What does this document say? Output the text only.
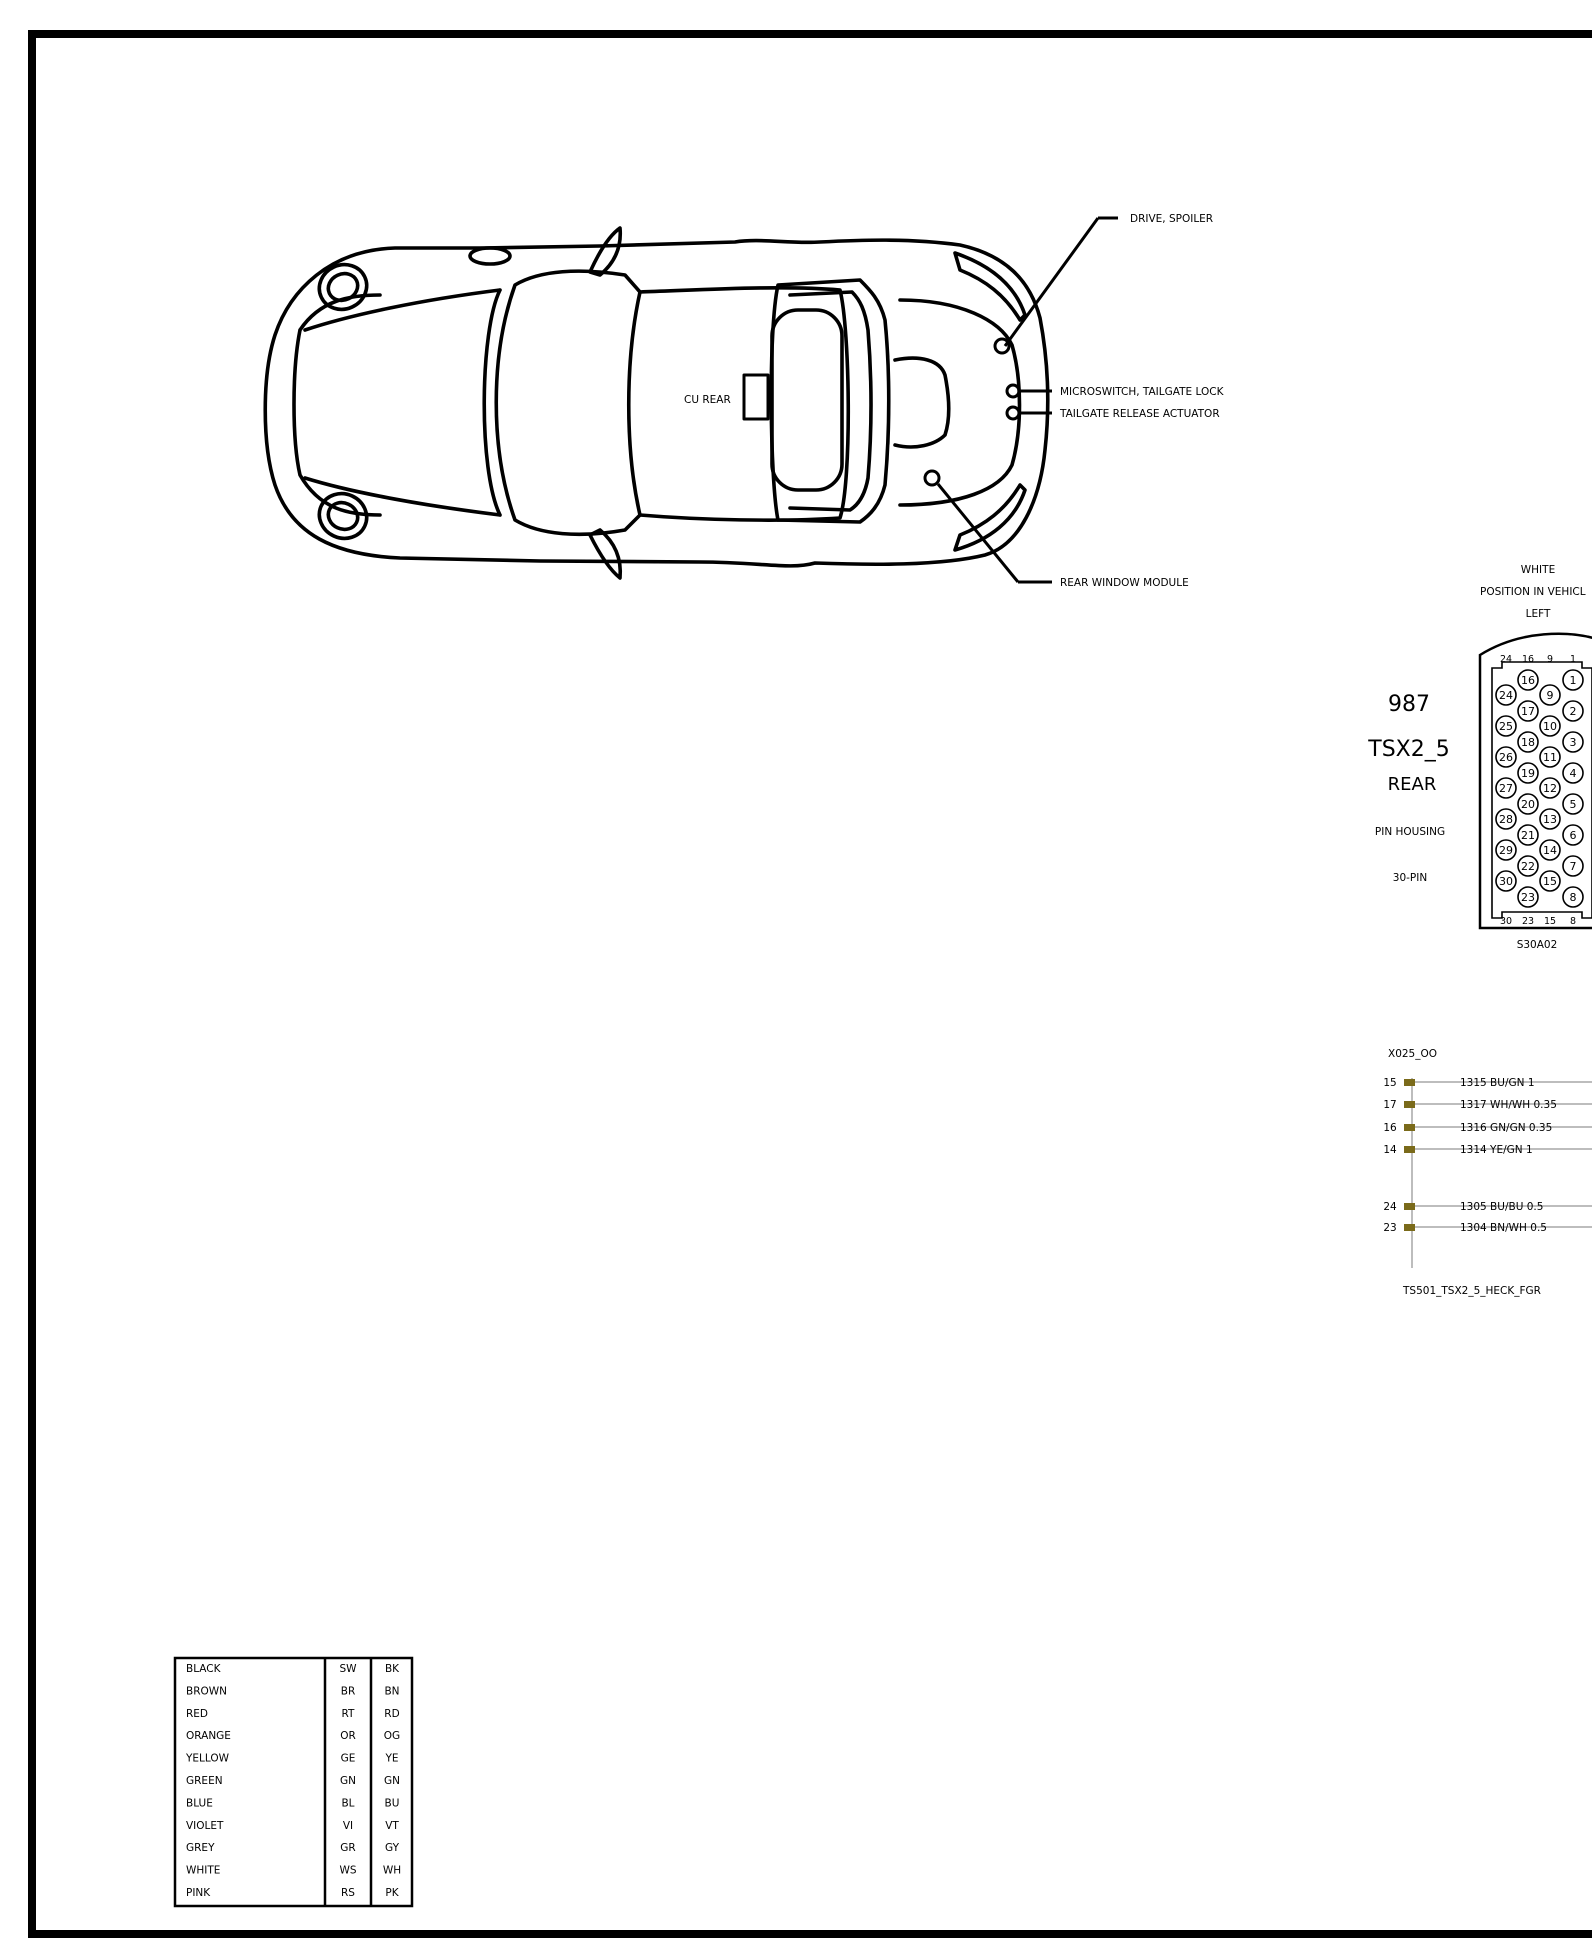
CU REAR
DRIVE, SPOILER
MICROSWITCH, TAILGATE LOCK
TAILGATE RELEASE ACTUATOR
REAR WINDOW MODULE
WHITE
POSITION IN VEHICL
LEFT
987
TSX2_5
REAR
PIN HOUSING
30-PIN
S30A02
24
25
26
27
28
29
30
16
17
18
19
20
21
22
23
9
10
11
12
13
14
15
1
2
3
4
5
6
7
8
24 16 9 1
30 23 15 8
X025_OO
15	1315 BU/GN 1
17	1317 WH/WH 0.35
16	1316 GN/GN 0.35
14	1314 YE/GN 1
24	1305 BU/BU 0.5
23	1304 BN/WH 0.5
TS501_TSX2_5_HECK_FGR
BLACK	SW	BK
BROWN	BR	BN
RED	RT	RD
ORANGE	OR	OG
YELLOW	GE	YE
GREEN	GN	GN
BLUE	BL	BU
VIOLET	VI	VT
GREY	GR	GY
WHITE	WS	WH
PINK	RS	PK
